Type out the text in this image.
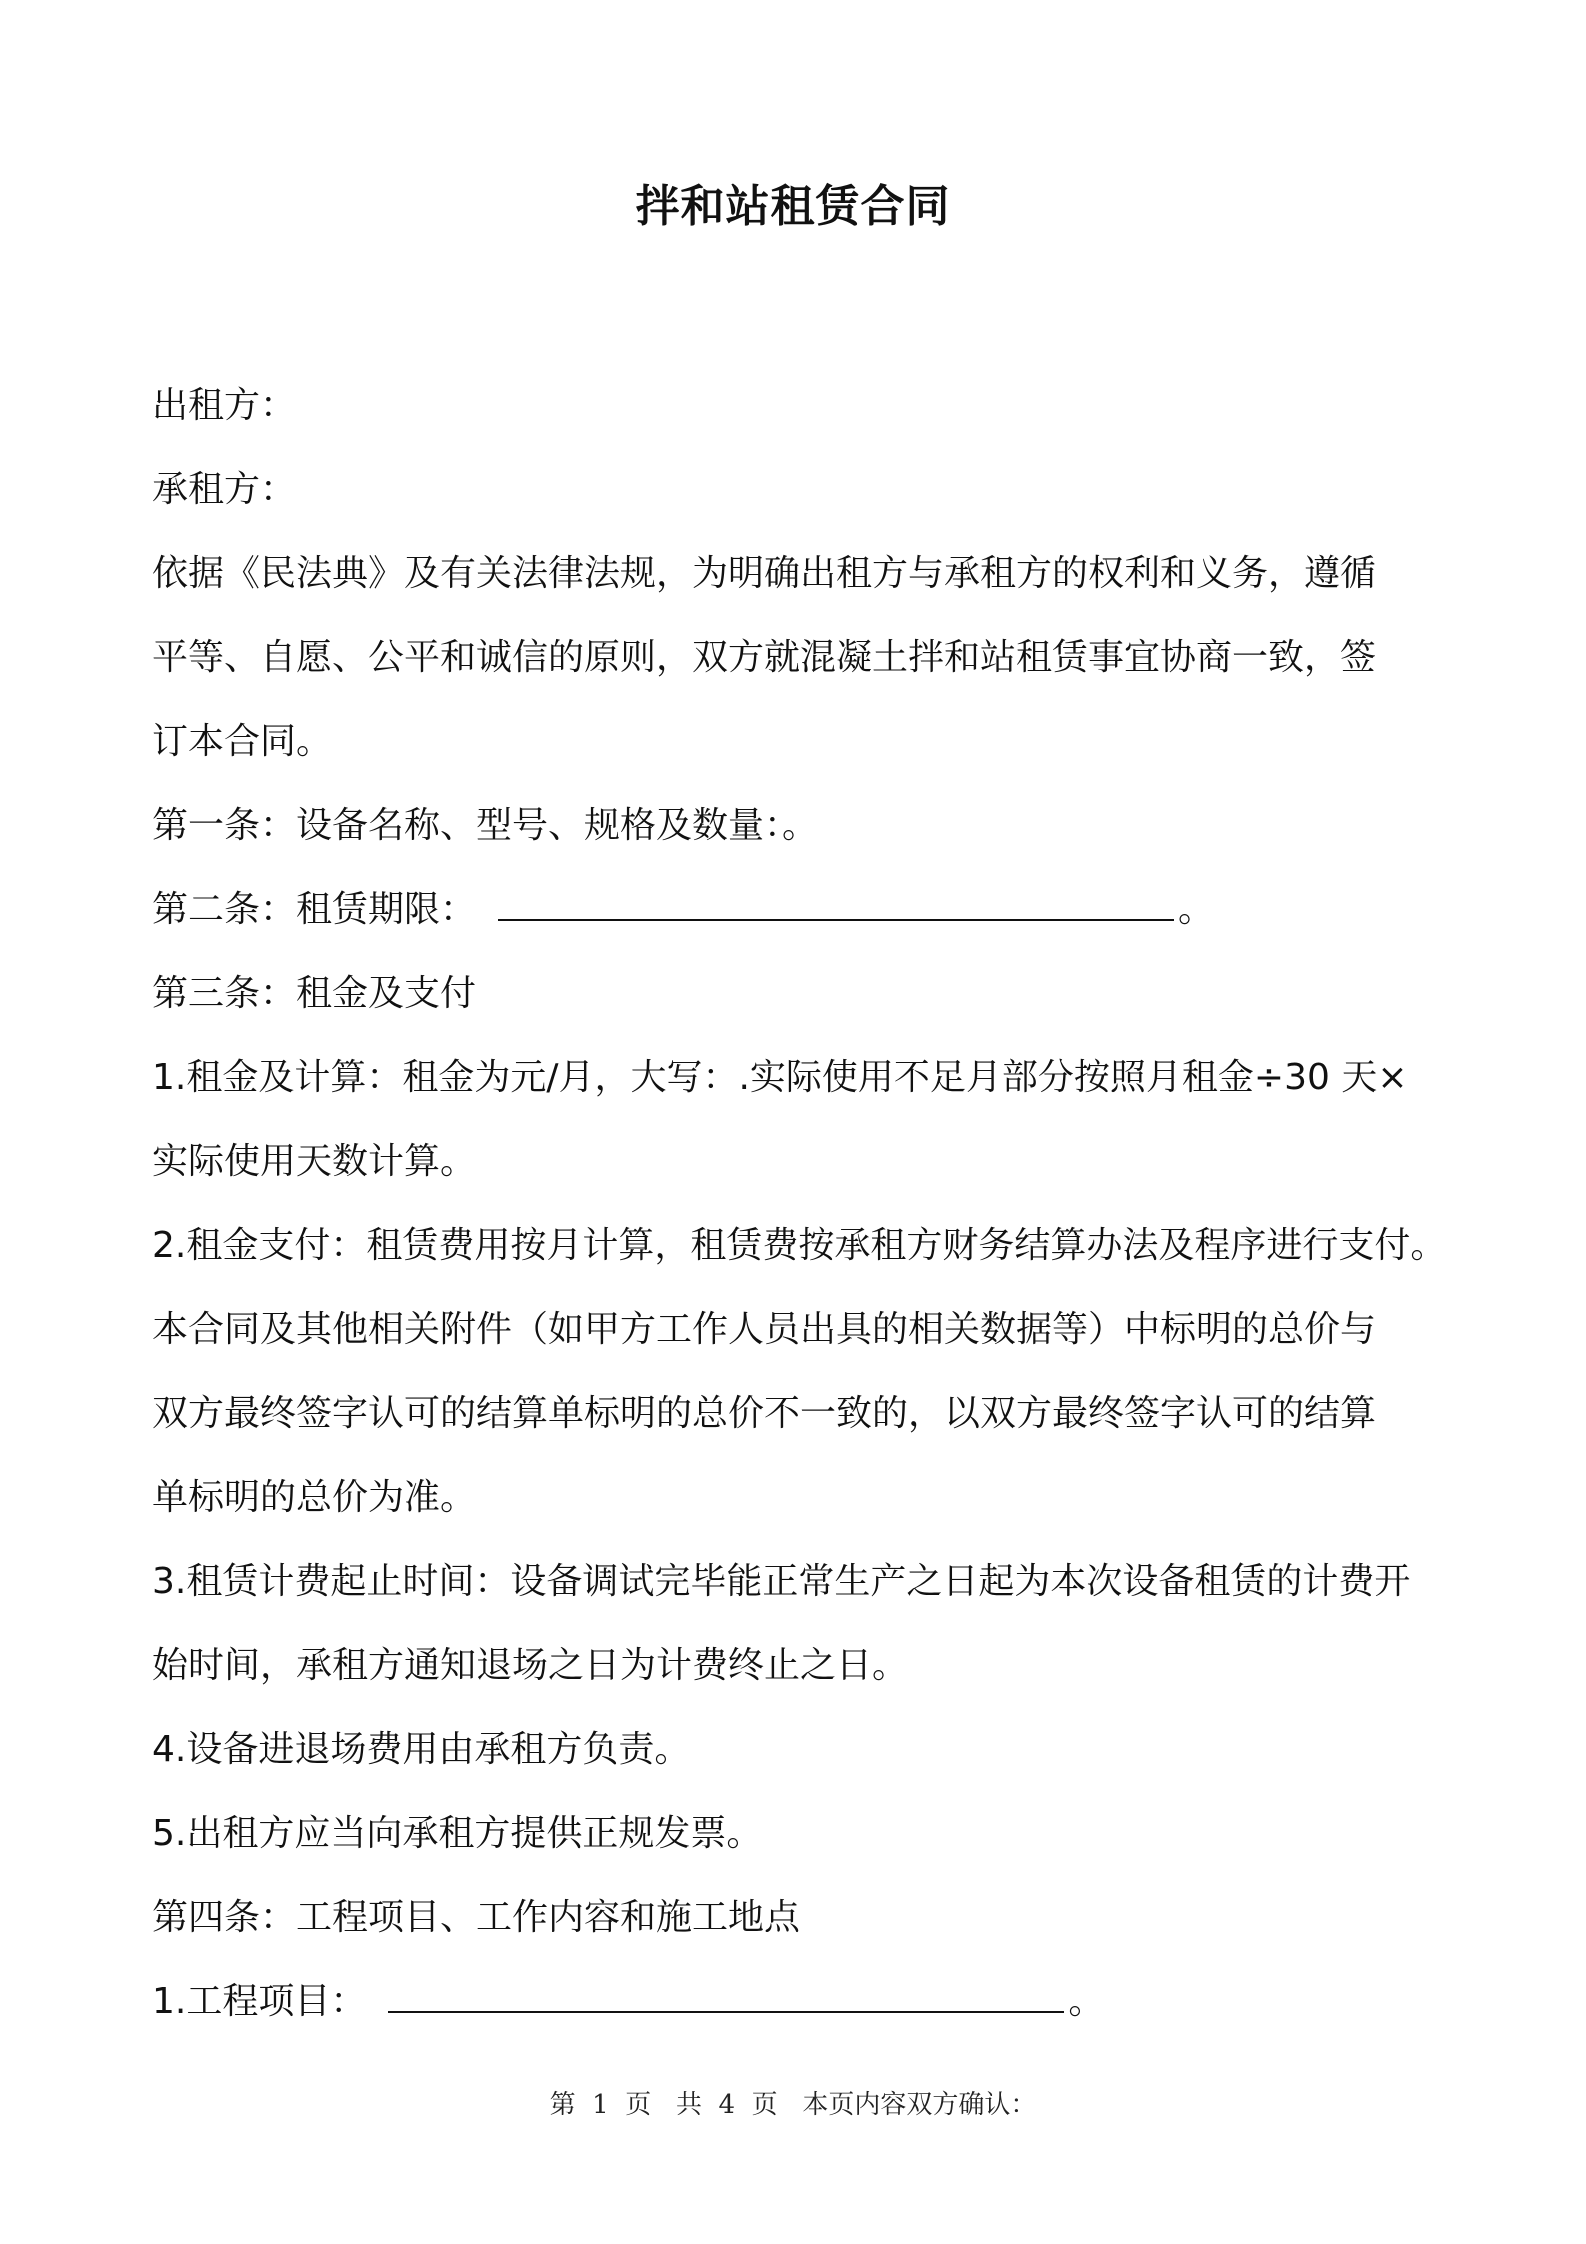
拌和站租赁合同
出租方：
承租方：
依据《民法典》及有关法律法规，为明确出租方与承租方的权利和义务，遵循
平等、自愿、公平和诚信的原则，双方就混凝土拌和站租赁事宜协商一致，签
订本合同。
第一条：设备名称、型号、规格及数量：。
第二条：租赁期限：	。
第三条：租金及支付
1.租金及计算：租金为元/月，大写：.实际使用不足月部分按照月租金÷30 天×
实际使用天数计算。
2.租金支付：租赁费用按月计算，租赁费按承租方财务结算办法及程序进行支付。
本合同及其他相关附件（如甲方工作人员出具的相关数据等）中标明的总价与
双方最终签字认可的结算单标明的总价不一致的，以双方最终签字认可的结算
单标明的总价为准。
3.租赁计费起止时间：设备调试完毕能正常生产之日起为本次设备租赁的计费开
始时间，承租方通知退场之日为计费终止之日。
4.设备进退场费用由承租方负责。
5.出租方应当向承租方提供正规发票。
第四条：工程项目、工作内容和施工地点
1.工程项目：	。
第  1  页   共  4  页   本页内容双方确认：
